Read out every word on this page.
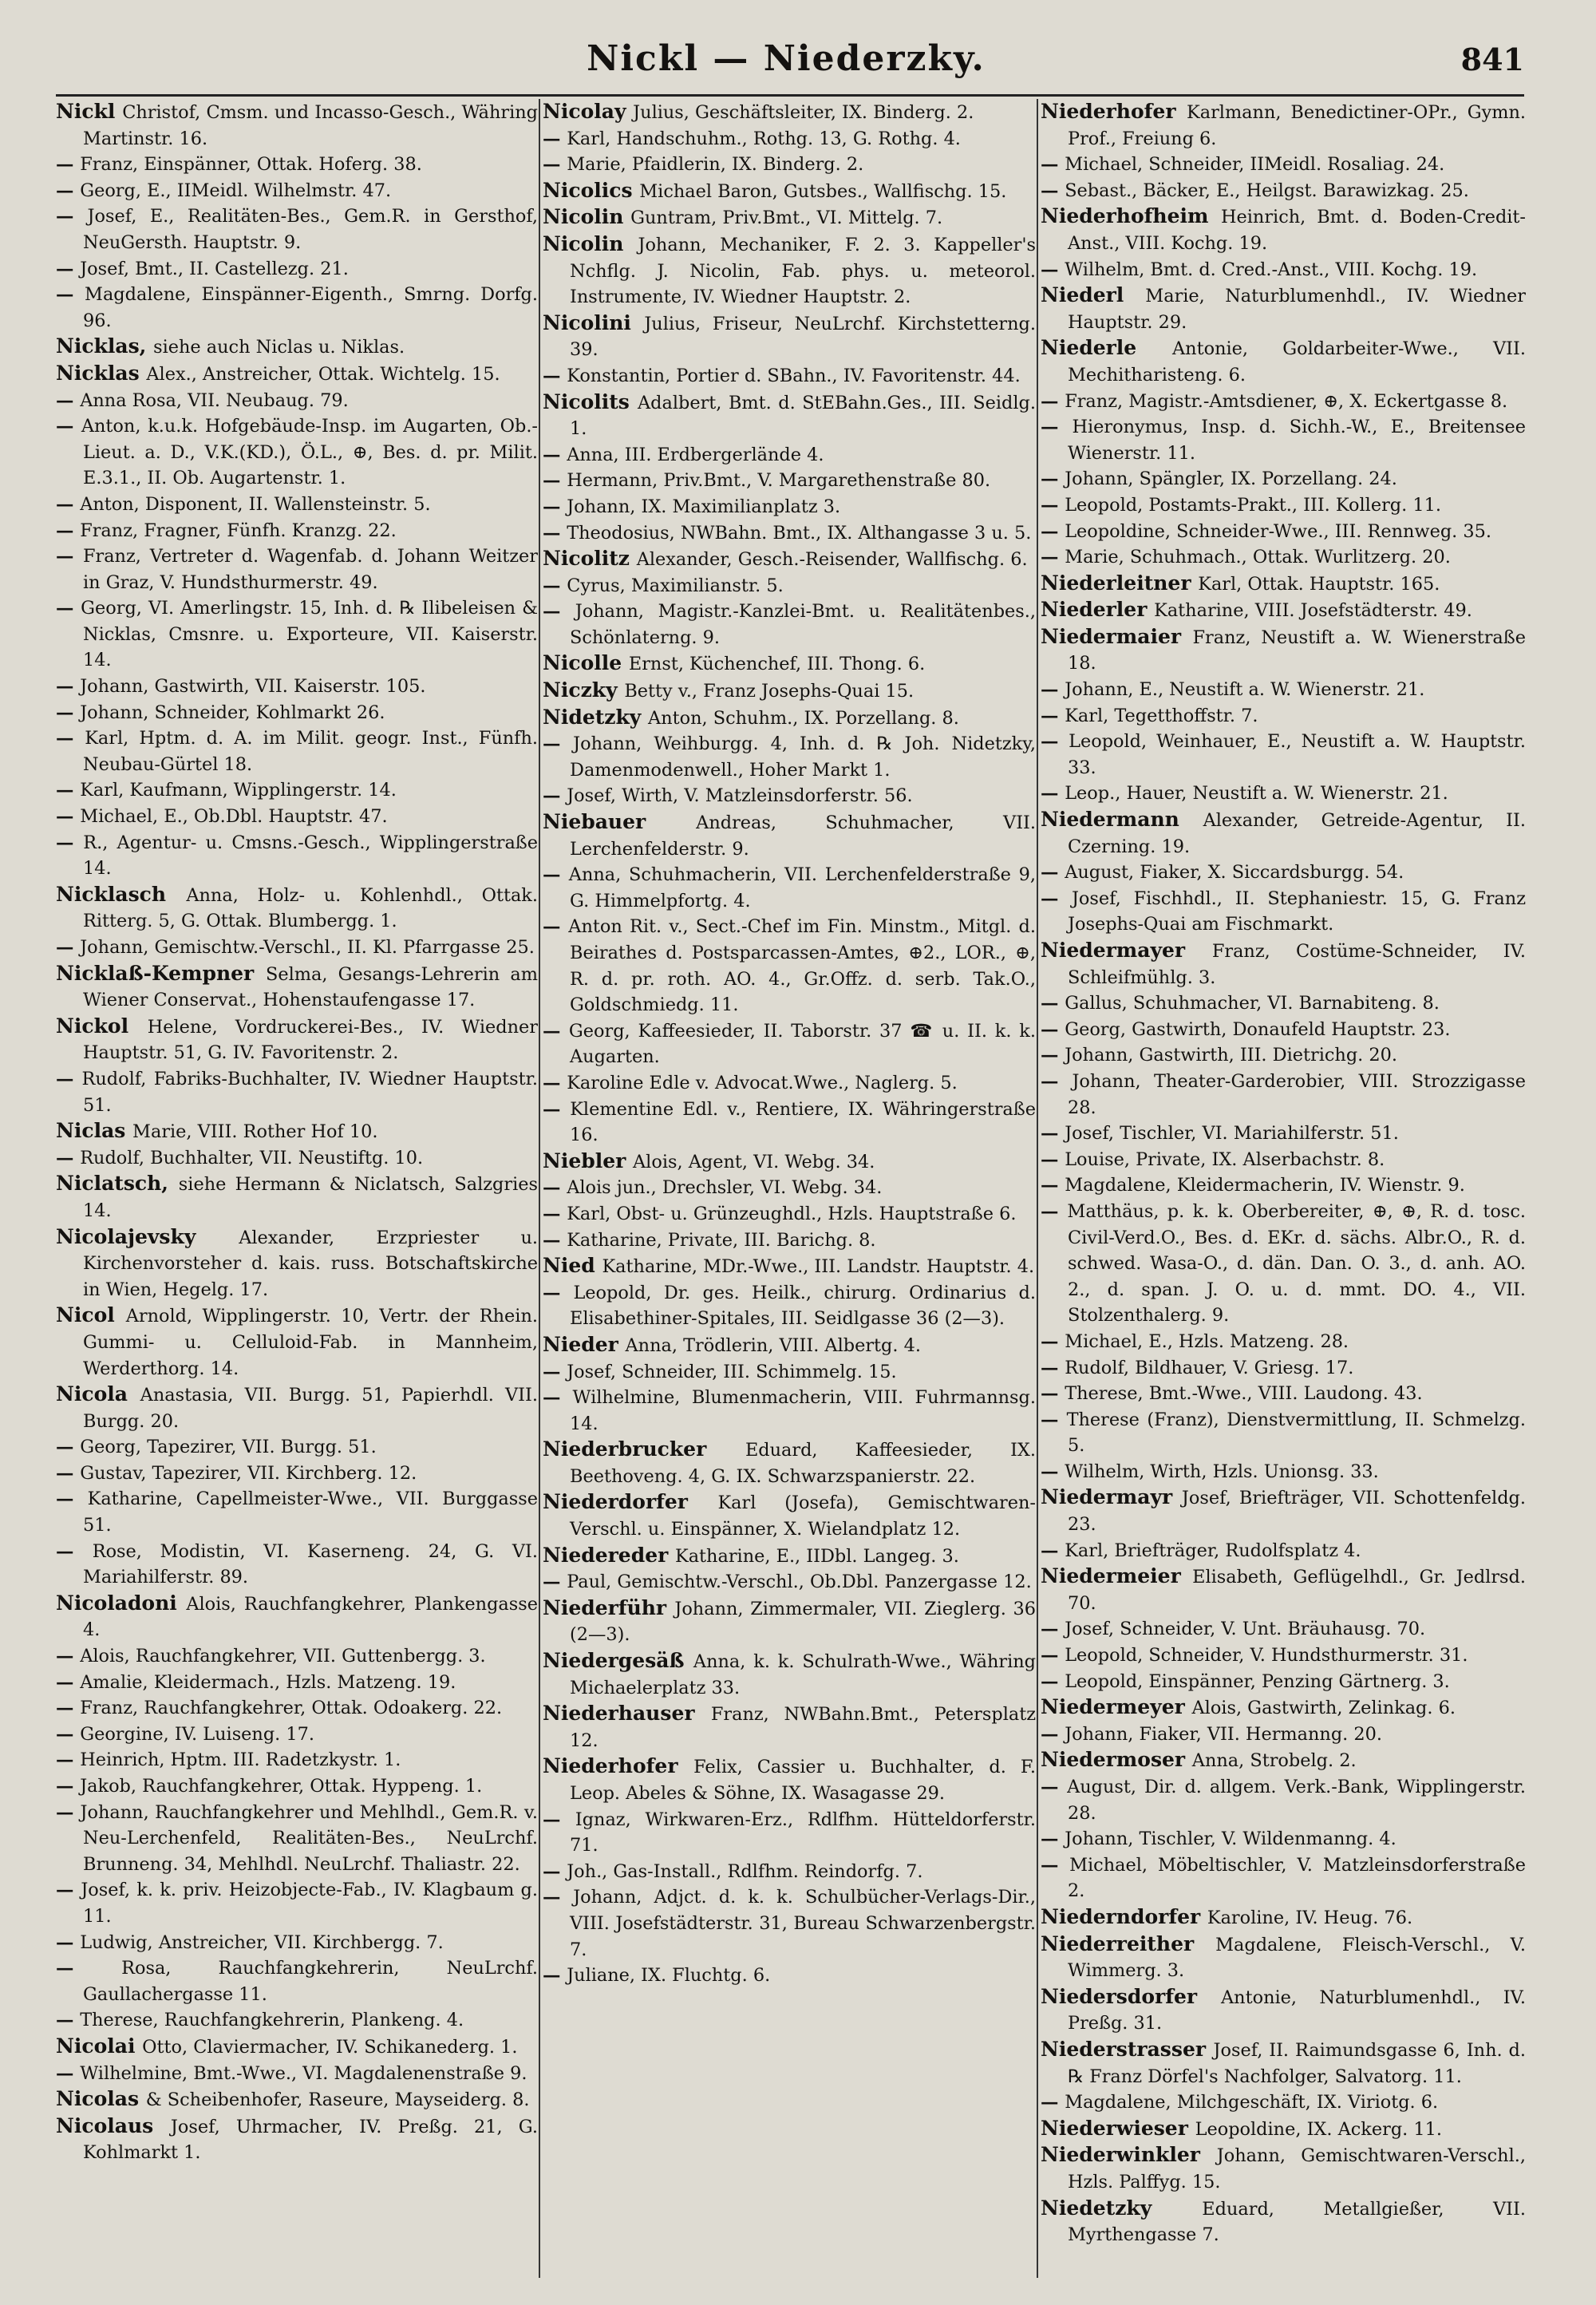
Nickl — Niederzky.	841

Nickl Christof, Cmsm. und Incasso-Gesch., Währing Martinstr. 16.

— Franz, Einspänner, Ottak. Hoferg. 38.

— Georg, E., IIMeidl. Wilhelmstr. 47.

— Josef, E., Realitäten-Bes., Gem.R. in Gersthof, NeuGersth. Hauptstr. 9.

— Josef, Bmt., II. Castellezg. 21.

— Magdalene, Einspänner-Eigenth., Smrng. Dorfg. 96.

Nicklas, siehe auch Niclas u. Niklas.

Nicklas Alex., Anstreicher, Ottak. Wichtelg. 15.

— Anna Rosa, VII. Neubaug. 79.

— Anton, k.u.k. Hofgebäude-Insp. im Augarten, Ob.-Lieut. a. D., V.K.(KD.), Ö.L., ⊕, Bes. d. pr. Milit. E.3.1., II. Ob. Augartenstr. 1.

— Anton, Disponent, II. Wallensteinstr. 5.

— Franz, Fragner, Fünfh. Kranzg. 22.

— Franz, Vertreter d. Wagenfab. d. Johann Weitzer in Graz, V. Hundsthurmerstr. 49.

— Georg, VI. Amerlingstr. 15, Inh. d. ℞ Ilibeleisen & Nicklas, Cmsnre. u. Exporteure, VII. Kaiserstr. 14.

— Johann, Gastwirth, VII. Kaiserstr. 105.

— Johann, Schneider, Kohlmarkt 26.

— Karl, Hptm. d. A. im Milit. geogr. Inst., Fünfh. Neubau-Gürtel 18.

— Karl, Kaufmann, Wipplingerstr. 14.

— Michael, E., Ob.Dbl. Hauptstr. 47.

— R., Agentur- u. Cmsns.-Gesch., Wipplingerstraße 14.

Nicklasch Anna, Holz- u. Kohlenhdl., Ottak. Ritterg. 5, G. Ottak. Blumbergg. 1.

— Johann, Gemischtw.-Verschl., II. Kl. Pfarrgasse 25.

Nicklaß-Kempner Selma, Gesangs-Lehrerin am Wiener Conservat., Hohenstaufengasse 17.

Nickol Helene, Vordruckerei-Bes., IV. Wiedner Hauptstr. 51, G. IV. Favoritenstr. 2.

— Rudolf, Fabriks-Buchhalter, IV. Wiedner Hauptstr. 51.

Niclas Marie, VIII. Rother Hof 10.

— Rudolf, Buchhalter, VII. Neustiftg. 10.

Niclatsch, siehe Hermann & Niclatsch, Salzgries 14.

Nicolajevsky Alexander, Erzpriester u. Kirchenvorsteher d. kais. russ. Botschaftskirche in Wien, Hegelg. 17.

Nicol Arnold, Wipplingerstr. 10, Vertr. der Rhein. Gummi- u. Celluloid-Fab. in Mannheim, Werderthorg. 14.

Nicola Anastasia, VII. Burgg. 51, Papierhdl. VII. Burgg. 20.

— Georg, Tapezirer, VII. Burgg. 51.

— Gustav, Tapezirer, VII. Kirchberg. 12.

— Katharine, Capellmeister-Wwe., VII. Burggasse 51.

— Rose, Modistin, VI. Kaserneng. 24, G. VI. Mariahilferstr. 89.

Nicoladoni Alois, Rauchfangkehrer, Plankengasse 4.

— Alois, Rauchfangkehrer, VII. Guttenbergg. 3.

— Amalie, Kleidermach., Hzls. Matzeng. 19.

— Franz, Rauchfangkehrer, Ottak. Odoakerg. 22.

— Georgine, IV. Luiseng. 17.

— Heinrich, Hptm. III. Radetzkystr. 1.

— Jakob, Rauchfangkehrer, Ottak. Hyppeng. 1.

— Johann, Rauchfangkehrer und Mehlhdl., Gem.R. v. Neu-Lerchenfeld, Realitäten-Bes., NeuLrchf. Brunneng. 34, Mehlhdl. NeuLrchf. Thaliastr. 22.

— Josef, k. k. priv. Heizobjecte-Fab., IV. Klagbaum g. 11.

— Ludwig, Anstreicher, VII. Kirchbergg. 7.

— Rosa, Rauchfangkehrerin, NeuLrchf. Gaullachergasse 11.

— Therese, Rauchfangkehrerin, Plankeng. 4.

Nicolai Otto, Claviermacher, IV. Schikanederg. 1.

— Wilhelmine, Bmt.-Wwe., VI. Magdalenenstraße 9.

Nicolas & Scheibenhofer, Raseure, Mayseiderg. 8.

Nicolaus Josef, Uhrmacher, IV. Preßg. 21, G. Kohlmarkt 1.

Nicolay Julius, Geschäftsleiter, IX. Binderg. 2.

— Karl, Handschuhm., Rothg. 13, G. Rothg. 4.

— Marie, Pfaidlerin, IX. Binderg. 2.

Nicolics Michael Baron, Gutsbes., Wallfischg. 15.

Nicolin Guntram, Priv.Bmt., VI. Mittelg. 7.

Nicolin Johann, Mechaniker, F. 2. 3. Kappeller's Nchflg. J. Nicolin, Fab. phys. u. meteorol. Instrumente, IV. Wiedner Hauptstr. 2.

Nicolini Julius, Friseur, NeuLrchf. Kirchstetterng. 39.

— Konstantin, Portier d. SBahn., IV. Favoritenstr. 44.

Nicolits Adalbert, Bmt. d. StEBahn.Ges., III. Seidlg. 1.

— Anna, III. Erdbergerlände 4.

— Hermann, Priv.Bmt., V. Margarethenstraße 80.

— Johann, IX. Maximilianplatz 3.

— Theodosius, NWBahn. Bmt., IX. Althangasse 3 u. 5.

Nicolitz Alexander, Gesch.-Reisender, Wallfischg. 6.

— Cyrus, Maximilianstr. 5.

— Johann, Magistr.-Kanzlei-Bmt. u. Realitätenbes., Schönlaterng. 9.

Nicolle Ernst, Küchenchef, III. Thong. 6.

Niczky Betty v., Franz Josephs-Quai 15.

Nidetzky Anton, Schuhm., IX. Porzellang. 8.

— Johann, Weihburgg. 4, Inh. d. ℞ Joh. Nidetzky, Damenmodenwell., Hoher Markt 1.

— Josef, Wirth, V. Matzleinsdorferstr. 56.

Niebauer Andreas, Schuhmacher, VII. Lerchenfelderstr. 9.

— Anna, Schuhmacherin, VII. Lerchenfelderstraße 9, G. Himmelpfortg. 4.

— Anton Rit. v., Sect.-Chef im Fin. Minstm., Mitgl. d. Beirathes d. Postsparcassen-Amtes, ⊕2., LOR., ⊕, R. d. pr. roth. AO. 4., Gr.Offz. d. serb. Tak.O., Goldschmiedg. 11.

— Georg, Kaffeesieder, II. Taborstr. 37 ☎ u. II. k. k. Augarten.

— Karoline Edle v. Advocat.Wwe., Naglerg. 5.

— Klementine Edl. v., Rentiere, IX. Währingerstraße 16.

Niebler Alois, Agent, VI. Webg. 34.

— Alois jun., Drechsler, VI. Webg. 34.

— Karl, Obst- u. Grünzeughdl., Hzls. Hauptstraße 6.

— Katharine, Private, III. Barichg. 8.

Nied Katharine, MDr.-Wwe., III. Landstr. Hauptstr. 4.

— Leopold, Dr. ges. Heilk., chirurg. Ordinarius d. Elisabethiner-Spitales, III. Seidlgasse 36 (2—3).

Nieder Anna, Trödlerin, VIII. Albertg. 4.

— Josef, Schneider, III. Schimmelg. 15.

— Wilhelmine, Blumenmacherin, VIII. Fuhrmannsg. 14.

Niederbrucker Eduard, Kaffeesieder, IX. Beethoveng. 4, G. IX. Schwarzspanierstr. 22.

Niederdorfer Karl (Josefa), Gemischtwaren-Verschl. u. Einspänner, X. Wielandplatz 12.

Niedereder Katharine, E., IIDbl. Langeg. 3.

— Paul, Gemischtw.-Verschl., Ob.Dbl. Panzergasse 12.

Niederführ Johann, Zimmermaler, VII. Zieglerg. 36 (2—3).

Niedergesäß Anna, k. k. Schulrath-Wwe., Währing Michaelerplatz 33.

Niederhauser Franz, NWBahn.Bmt., Petersplatz 12.

Niederhofer Felix, Cassier u. Buchhalter, d. F. Leop. Abeles & Söhne, IX. Wasagasse 29.

— Ignaz, Wirkwaren-Erz., Rdlfhm. Hütteldorferstr. 71.

— Joh., Gas-Install., Rdlfhm. Reindorfg. 7.

— Johann, Adjct. d. k. k. Schulbücher-Verlags-Dir., VIII. Josefstädterstr. 31, Bureau Schwarzenbergstr. 7.

— Juliane, IX. Fluchtg. 6.

Niederhofer Karlmann, Benedictiner-OPr., Gymn. Prof., Freiung 6.

— Michael, Schneider, IIMeidl. Rosaliag. 24.

— Sebast., Bäcker, E., Heilgst. Barawizkag. 25.

Niederhofheim Heinrich, Bmt. d. Boden-Credit-Anst., VIII. Kochg. 19.

— Wilhelm, Bmt. d. Cred.-Anst., VIII. Kochg. 19.

Niederl Marie, Naturblumenhdl., IV. Wiedner Hauptstr. 29.

Niederle Antonie, Goldarbeiter-Wwe., VII. Mechitharisteng. 6.

— Franz, Magistr.-Amtsdiener, ⊕, X. Eckertgasse 8.

— Hieronymus, Insp. d. Sichh.-W., E., Breitensee Wienerstr. 11.

— Johann, Spängler, IX. Porzellang. 24.

— Leopold, Postamts-Prakt., III. Kollerg. 11.

— Leopoldine, Schneider-Wwe., III. Rennweg. 35.

— Marie, Schuhmach., Ottak. Wurlitzerg. 20.

Niederleitner Karl, Ottak. Hauptstr. 165.

Niederler Katharine, VIII. Josefstädterstr. 49.

Niedermaier Franz, Neustift a. W. Wienerstraße 18.

— Johann, E., Neustift a. W. Wienerstr. 21.

— Karl, Tegetthoffstr. 7.

— Leopold, Weinhauer, E., Neustift a. W. Hauptstr. 33.

— Leop., Hauer, Neustift a. W. Wienerstr. 21.

Niedermann Alexander, Getreide-Agentur, II. Czerning. 19.

— August, Fiaker, X. Siccardsburgg. 54.

— Josef, Fischhdl., II. Stephaniestr. 15, G. Franz Josephs-Quai am Fischmarkt.

Niedermayer Franz, Costüme-Schneider, IV. Schleifmühlg. 3.

— Gallus, Schuhmacher, VI. Barnabiteng. 8.

— Georg, Gastwirth, Donaufeld Hauptstr. 23.

— Johann, Gastwirth, III. Dietrichg. 20.

— Johann, Theater-Garderobier, VIII. Strozzigasse 28.

— Josef, Tischler, VI. Mariahilferstr. 51.

— Louise, Private, IX. Alserbachstr. 8.

— Magdalene, Kleidermacherin, IV. Wienstr. 9.

— Matthäus, p. k. k. Oberbereiter, ⊕, ⊕, R. d. tosc. Civil-Verd.O., Bes. d. EKr. d. sächs. Albr.O., R. d. schwed. Wasa-O., d. dän. Dan. O. 3., d. anh. AO. 2., d. span. J. O. u. d. mmt. DO. 4., VII. Stolzenthalerg. 9.

— Michael, E., Hzls. Matzeng. 28.

— Rudolf, Bildhauer, V. Griesg. 17.

— Therese, Bmt.-Wwe., VIII. Laudong. 43.

— Therese (Franz), Dienstvermittlung, II. Schmelzg. 5.

— Wilhelm, Wirth, Hzls. Unionsg. 33.

Niedermayr Josef, Briefträger, VII. Schottenfeldg. 23.

— Karl, Briefträger, Rudolfsplatz 4.

Niedermeier Elisabeth, Geflügelhdl., Gr. Jedlrsd. 70.

— Josef, Schneider, V. Unt. Bräuhausg. 70.

— Leopold, Schneider, V. Hundsthurmerstr. 31.

— Leopold, Einspänner, Penzing Gärtnerg. 3.

Niedermeyer Alois, Gastwirth, Zelinkag. 6.

— Johann, Fiaker, VII. Hermanng. 20.

Niedermoser Anna, Strobelg. 2.

— August, Dir. d. allgem. Verk.-Bank, Wipplingerstr. 28.

— Johann, Tischler, V. Wildenmanng. 4.

— Michael, Möbeltischler, V. Matzleinsdorferstraße 2.

Niederndorfer Karoline, IV. Heug. 76.

Niederreither Magdalene, Fleisch-Verschl., V. Wimmerg. 3.

Niedersdorfer Antonie, Naturblumenhdl., IV. Preßg. 31.

Niederstrasser Josef, II. Raimundsgasse 6, Inh. d. ℞ Franz Dörfel's Nachfolger, Salvatorg. 11.

— Magdalene, Milchgeschäft, IX. Viriotg. 6.

Niederwieser Leopoldine, IX. Ackerg. 11.

Niederwinkler Johann, Gemischtwaren-Verschl., Hzls. Palffyg. 15.

Niedetzky Eduard, Metallgießer, VII. Myrthengasse 7.
